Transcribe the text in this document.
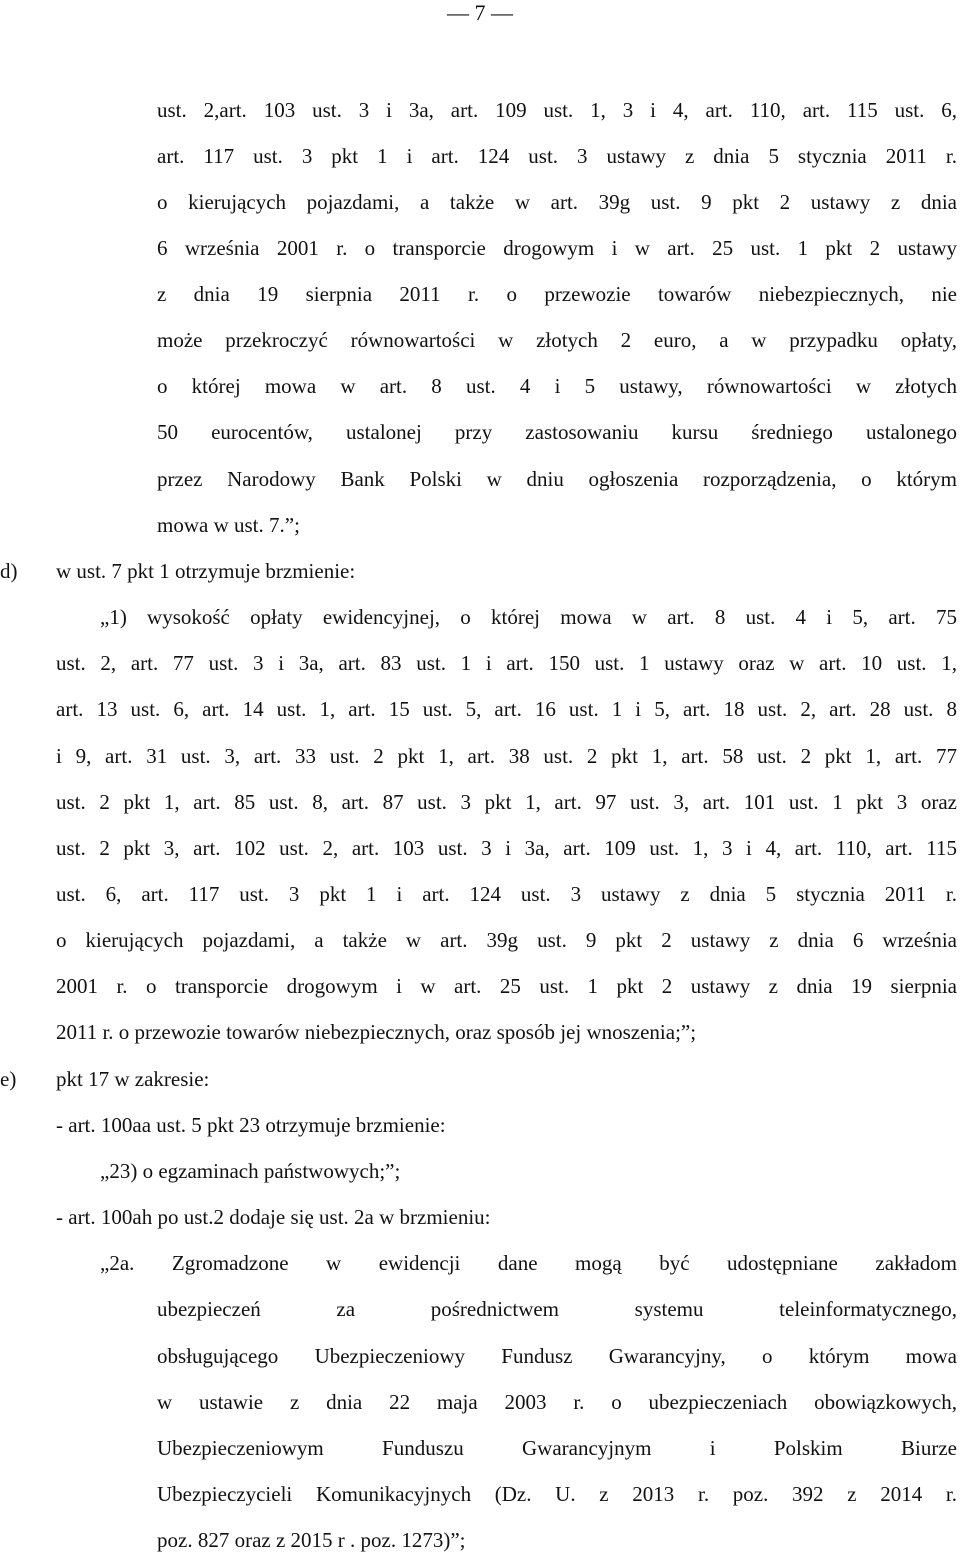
— 7 —
ust. 2,art. 103 ust. 3 i 3a, art. 109 ust. 1, 3 i 4, art. 110, art. 115 ust. 6,
art. 117 ust. 3 pkt 1 i art. 124 ust. 3 ustawy z dnia 5 stycznia 2011 r.
o kierujących pojazdami, a także w art. 39g ust. 9 pkt 2 ustawy z dnia
6 września 2001 r. o transporcie drogowym i w art. 25 ust. 1 pkt 2 ustawy
z dnia 19 sierpnia 2011 r. o przewozie towarów niebezpiecznych, nie
może przekroczyć równowartości w złotych 2 euro, a w przypadku opłaty,
o której mowa w art. 8 ust. 4 i 5 ustawy, równowartości w złotych
50 eurocentów, ustalonej przy zastosowaniu kursu średniego ustalonego
przez Narodowy Bank Polski w dniu ogłoszenia rozporządzenia, o którym
mowa w ust. 7.”;
d) w ust. 7 pkt 1 otrzymuje brzmienie:
„1) wysokość opłaty ewidencyjnej, o której mowa w art. 8 ust. 4 i 5, art. 75
ust. 2, art. 77 ust. 3 i 3a, art. 83 ust. 1 i art. 150 ust. 1 ustawy oraz w art. 10 ust. 1,
art. 13 ust. 6, art. 14 ust. 1, art. 15 ust. 5, art. 16 ust. 1 i 5, art. 18 ust. 2, art. 28 ust. 8
i 9, art. 31 ust. 3, art. 33 ust. 2 pkt 1, art. 38 ust. 2 pkt 1, art. 58 ust. 2 pkt 1, art. 77
ust. 2 pkt 1, art. 85 ust. 8, art. 87 ust. 3 pkt 1, art. 97 ust. 3, art. 101 ust. 1 pkt 3 oraz
ust. 2 pkt 3, art. 102 ust. 2, art. 103 ust. 3 i 3a, art. 109 ust. 1, 3 i 4, art. 110, art. 115
ust. 6, art. 117 ust. 3 pkt 1 i art. 124 ust. 3 ustawy z dnia 5 stycznia 2011 r.
o kierujących pojazdami, a także w art. 39g ust. 9 pkt 2 ustawy z dnia 6 września
2001 r. o transporcie drogowym i w art. 25 ust. 1 pkt 2 ustawy z dnia 19 sierpnia
2011 r. o przewozie towarów niebezpiecznych, oraz sposób jej wnoszenia;”;
e) pkt 17 w zakresie:
- art. 100aa ust. 5 pkt 23 otrzymuje brzmienie:
„23) o egzaminach państwowych;”;
- art. 100ah po ust.2 dodaje się ust. 2a w brzmieniu:
„2a. Zgromadzone w ewidencji dane mogą być udostępniane zakładom
ubezpieczeń za pośrednictwem systemu teleinformatycznego,
obsługującego Ubezpieczeniowy Fundusz Gwarancyjny, o którym mowa
w ustawie z dnia 22 maja 2003 r. o ubezpieczeniach obowiązkowych,
Ubezpieczeniowym Funduszu Gwarancyjnym i Polskim Biurze
Ubezpieczycieli Komunikacyjnych (Dz. U. z 2013 r. poz. 392 z 2014 r.
poz. 827 oraz z 2015 r . poz. 1273)”;
